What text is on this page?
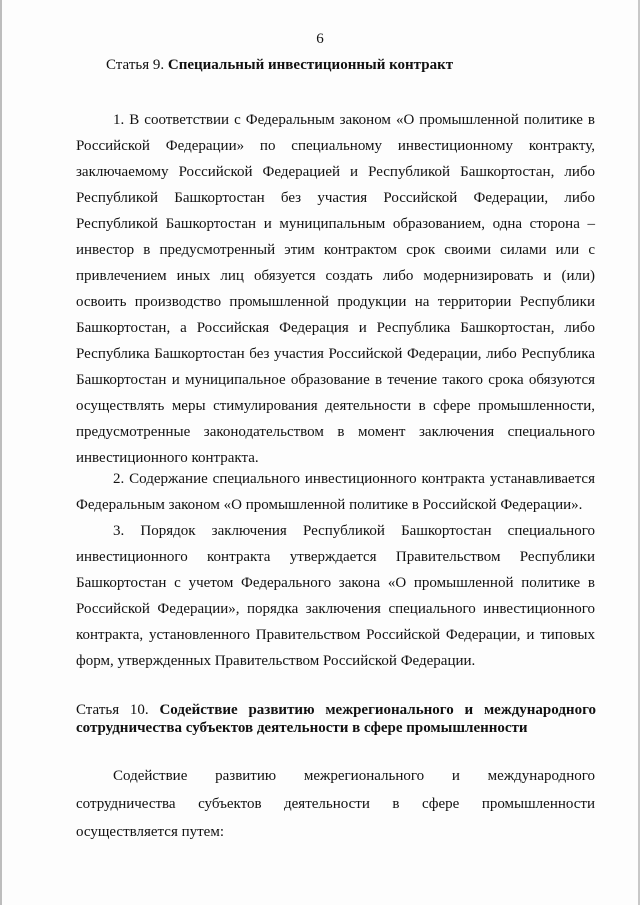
6
Статья 9. Специальный инвестиционный контракт

1. В соответствии с Федеральным законом «О промышленной политике в Российской Федерации» по специальному инвестиционному контракту, заключаемому Российской Федерацией и Республикой Башкортостан, либо Республикой Башкортостан без участия Российской Федерации, либо Республикой Башкортостан и муниципальным образованием, одна сторона – инвестор в предусмотренный этим контрактом срок своими силами или с привлечением иных лиц обязуется создать либо модернизировать и (или) освоить производство промышленной продукции на территории Республики Башкортостан, а Российская Федерация и Республика Башкортостан, либо Республика Башкортостан без участия Российской Федерации, либо Республика Башкортостан и муниципальное образование в течение такого срока обязуются осуществлять меры стимулирования деятельности в сфере промышленности, предусмотренные законодательством в момент заключения специального инвестиционного контракта.

2. Содержание специального инвестиционного контракта устанавливается Федеральным законом «О промышленной политике в Российской Федерации».

3. Порядок заключения Республикой Башкортостан специального инвестиционного контракта утверждается Правительством Республики Башкортостан с учетом Федерального закона «О промышленной политике в Российской Федерации», порядка заключения специального инвестиционного контракта, установленного Правительством Российской Федерации, и типовых форм, утвержденных Правительством Российской Федерации.

Статья 10. Содействие развитию межрегионального и международного сотрудничества субъектов деятельности в сфере промышленности

Содействие развитию межрегионального и международного сотрудничества субъектов деятельности в сфере промышленности осуществляется путем:
